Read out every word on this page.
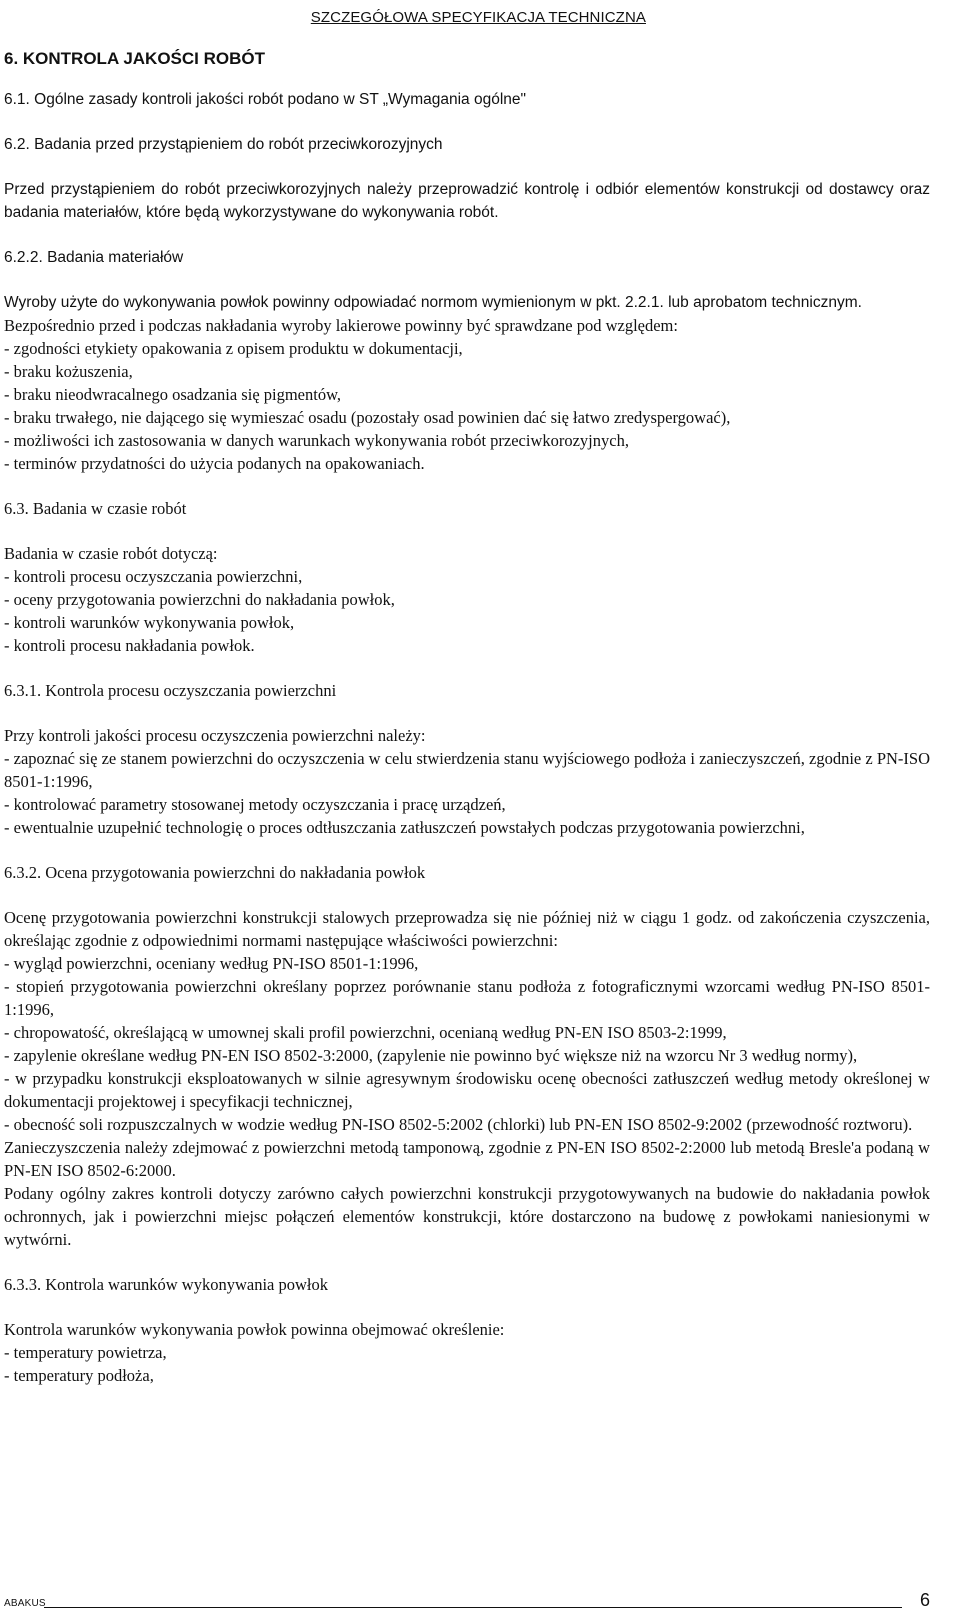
SZCZEGÓŁOWA SPECYFIKACJA TECHNICZNA
6. KONTROLA JAKOŚCI ROBÓT

6.1. Ogólne zasady kontroli jakości robót podano w ST „Wymagania ogólne"

6.2. Badania przed przystąpieniem do robót przeciwkorozyjnych

Przed przystąpieniem do robót przeciwkorozyjnych należy przeprowadzić kontrolę i odbiór elementów konstrukcji od dostawcy oraz badania materiałów, które będą wykorzystywane do wykonywania robót.

6.2.2. Badania materiałów

Wyroby użyte do wykonywania powłok powinny odpowiadać normom wymienionym w pkt. 2.2.1. lub aprobatom technicznym.

Bezpośrednio przed i podczas nakładania wyroby lakierowe powinny być sprawdzane pod względem:

- zgodności etykiety opakowania z opisem produktu w dokumentacji,
- braku kożuszenia,
- braku nieodwracalnego osadzania się pigmentów,
- braku trwałego, nie dającego się wymieszać osadu (pozostały osad powinien dać się łatwo zredyspergować),
- możliwości ich zastosowania w danych warunkach wykonywania robót przeciwkorozyjnych,
- terminów przydatności do użycia podanych na opakowaniach.

6.3. Badania w czasie robót

Badania w czasie robót dotyczą:

- kontroli procesu oczyszczania powierzchni,
- oceny przygotowania powierzchni do nakładania powłok,
- kontroli warunków wykonywania powłok,
- kontroli procesu nakładania powłok.

6.3.1. Kontrola procesu oczyszczania powierzchni

Przy kontroli jakości procesu oczyszczenia powierzchni należy:

- zapoznać się ze stanem powierzchni do oczyszczenia w celu stwierdzenia stanu wyjściowego podłoża i zanieczyszczeń, zgodnie z PN-ISO 8501-1:1996,
- kontrolować parametry stosowanej metody oczyszczania i pracę urządzeń,
- ewentualnie uzupełnić technologię o proces odtłuszczania zatłuszczeń powstałych podczas przygotowania powierzchni,

6.3.2. Ocena przygotowania powierzchni do nakładania powłok

Ocenę przygotowania powierzchni konstrukcji stalowych przeprowadza się nie później niż w ciągu 1 godz. od zakończenia czyszczenia, określając zgodnie z odpowiednimi normami następujące właściwości powierzchni:

- wygląd powierzchni, oceniany według PN-ISO 8501-1:1996,
- stopień przygotowania powierzchni określany poprzez porównanie stanu podłoża z fotograficznymi wzorcami według PN-ISO 8501-1:1996,
- chropowatość, określającą w umownej skali profil powierzchni, ocenianą według PN-EN ISO 8503-2:1999,
- zapylenie określane według PN-EN ISO 8502-3:2000, (zapylenie nie powinno być większe niż na wzorcu Nr 3 według normy),
- w przypadku konstrukcji eksploatowanych w silnie agresywnym środowisku ocenę obecności zatłuszczeń według metody określonej w dokumentacji projektowej i specyfikacji technicznej,
- obecność soli rozpuszczalnych w wodzie według PN-ISO 8502-5:2002 (chlorki) lub PN-EN ISO 8502-9:2002 (przewodność roztworu).

Zanieczyszczenia należy zdejmować z powierzchni metodą tamponową, zgodnie z PN-EN ISO 8502-2:2000 lub metodą Bresle'a podaną w PN-EN ISO 8502-6:2000.

Podany ogólny zakres kontroli dotyczy zarówno całych powierzchni konstrukcji przygotowywanych na budowie do nakładania powłok ochronnych, jak i powierzchni miejsc połączeń elementów konstrukcji, które dostarczono na budowę z powłokami naniesionymi w wytwórni.

6.3.3. Kontrola warunków wykonywania powłok

Kontrola warunków wykonywania powłok powinna obejmować określenie:

- temperatury powietrza,
- temperatury podłoża,
ABAKUS	6
